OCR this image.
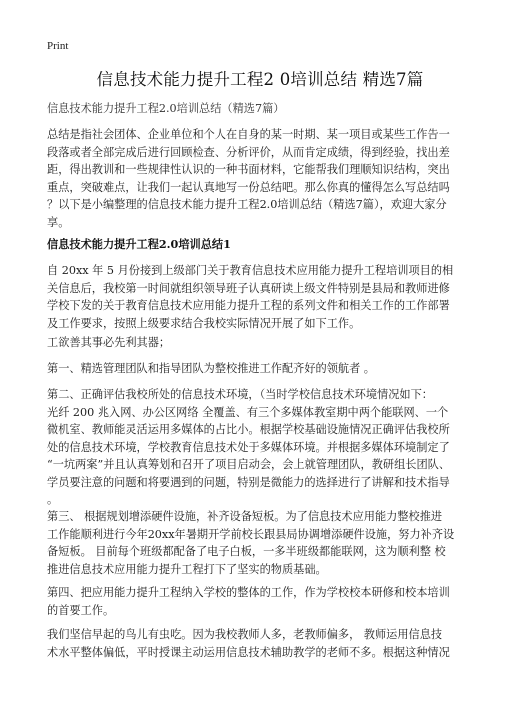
Print
信息技术能力提升工程2 0培训总结 精选7篇
信息技术能力提升工程2.0培训总结（精选7篇）
总结是指社会团体、企业单位和个人在自身的某一时期、某一项目或某些工作告一
段落或者全部完成后进行回顾检查、分析评价，从而肯定成绩，得到经验，找出差
距，得出教训和一些规律性认识的一种书面材料，它能帮我们理顺知识结构，突出
重点，突破难点，让我们一起认真地写一份总结吧。那么你真的懂得怎么写总结吗
？以下是小编整理的信息技术能力提升工程2.0培训总结（精选7篇），欢迎大家分
享。
信息技术能力提升工程2.0培训总结1
自 20xx 年 5 月份接到上级部门关于教育信息技术应用能力提升工程培训项目的相
关信息后，我校第一时间就组织领导班子认真研读上级文件特别是县局和教师进修
学校下发的关于教育信息技术应用能力提升工程的系列文件和相关工作的工作部署
及工作要求，按照上级要求结合我校实际情况开展了如下工作。
工欲善其事必先利其器；
第一、精选管理团队和指导团队为整校推进工作配齐好的领航者 。
第二、正确评估我校所处的信息技术环境，（当时学校信息技术环境情况如下：
光纤 200 兆入网、办公区网络 全覆盖、有三个多媒体教室期中两个能联网、一个
微机室、教师能灵活运用多媒体的占比小。根据学校基础设施情况正确评估我校所
处的信息技术环境，学校教育信息技术处于多媒体环境。并根据多媒体环境制定了
“一坑两案”并且认真筹划和召开了项目启动会，会上就管理团队，教研组长团队、
学员要注意的问题和将要遇到的问题，特别是微能力的选择进行了讲解和技术指导
。
第三、 根据规划增添硬件设施，补齐设备短板。为了信息技术应用能力整校推进
工作能顺利进行今年20xx年暑期开学前校长跟县局协调增添硬件设施，努力补齐设
备短板。 目前每个班级都配备了电子白板，一多半班级都能联网，这为顺利整 校
推进信息技术应用能力提升工程打下了坚实的物质基础。
第四、把应用能力提升工程纳入学校的整体的工作，作为学校校本研修和校本培训
的首要工作。
我们坚信早起的鸟儿有虫吃。因为我校教师人多，老教师偏多， 教师运用信息技
术水平整体偏低，平时授课主动运用信息技术辅助教学的老师不多。根据这种情况
